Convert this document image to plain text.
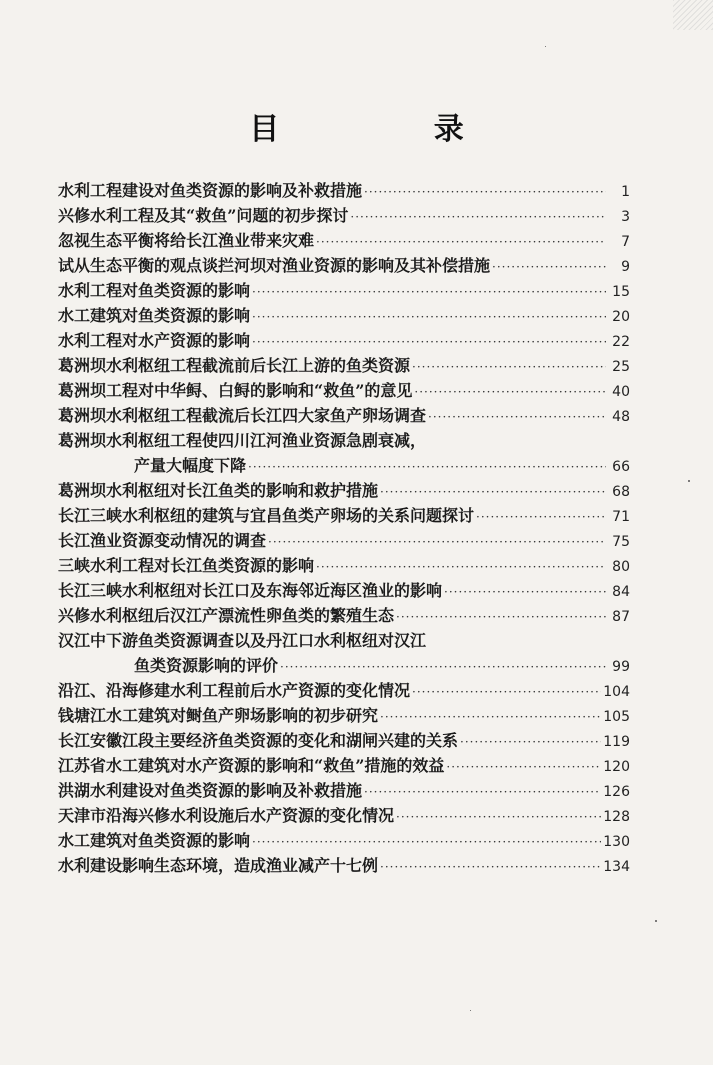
目 录
水利工程建设对鱼类资源的影响及补救措施 ·····	1
兴修水利工程及其“救鱼”问题的初步探讨 ·····	3
忽视生态平衡将给长江渔业带来灾难 ·····	7
试从生态平衡的观点谈拦河坝对渔业资源的影响及其补偿措施 ·····	9
水利工程对鱼类资源的影响 ·····	15
水工建筑对鱼类资源的影响 ·····	20
水利工程对水产资源的影响 ·····	22
葛洲坝水利枢纽工程截流前后长江上游的鱼类资源 ·····	25
葛洲坝工程对中华鲟、白鲟的影响和“救鱼”的意见 ·····	40
葛洲坝水利枢纽工程截流后长江四大家鱼产卵场调查 ·····	48
葛洲坝水利枢纽工程使四川江河渔业资源急剧衰减，
产量大幅度下降 ·····	66
葛洲坝水利枢纽对长江鱼类的影响和救护措施 ·····	68
长江三峡水利枢纽的建筑与宜昌鱼类产卵场的关系问题探讨 ·····	71
长江渔业资源变动情况的调查 ·····	75
三峡水利工程对长江鱼类资源的影响 ·····	80
长江三峡水利枢纽对长江口及东海邻近海区渔业的影响 ·····	84
兴修水利枢纽后汉江产漂流性卵鱼类的繁殖生态 ·····	87
汉江中下游鱼类资源调查以及丹江口水利枢纽对汉江
鱼类资源影响的评价 ·····	99
沿江、沿海修建水利工程前后水产资源的变化情况 ·····	104
钱塘江水工建筑对鲥鱼产卵场影响的初步研究 ·····	105
长江安徽江段主要经济鱼类资源的变化和湖闸兴建的关系 ·····	119
江苏省水工建筑对水产资源的影响和“救鱼”措施的效益 ·····	120
洪湖水利建设对鱼类资源的影响及补救措施 ·····	126
天津市沿海兴修水利设施后水产资源的变化情况 ·····	128
水工建筑对鱼类资源的影响 ·····	130
水利建设影响生态环境，造成渔业减产十七例 ·····	134
